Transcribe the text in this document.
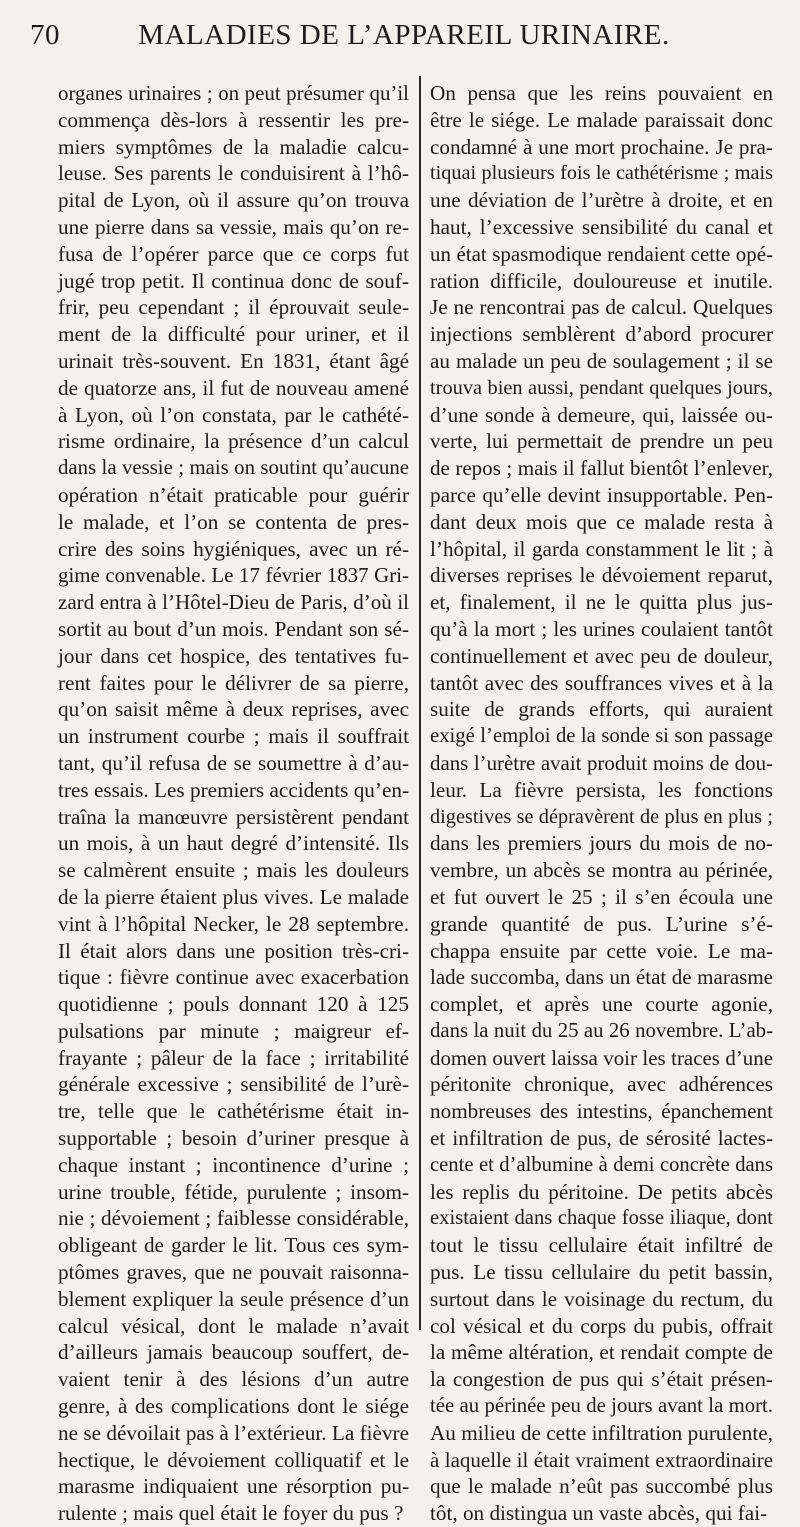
70	MALADIES DE L’APPAREIL URINAIRE.
organes urinaires ; on peut présumer qu’il
commença dès-lors à ressentir les pre-
miers symptômes de la maladie calcu-
leuse. Ses parents le conduisirent à l’hô-
pital de Lyon, où il assure qu’on trouva
une pierre dans sa vessie, mais qu’on re-
fusa de l’opérer parce que ce corps fut
jugé trop petit. Il continua donc de souf-
frir, peu cependant ; il éprouvait seule-
ment de la difficulté pour uriner, et il
urinait très-souvent. En 1831, étant âgé
de quatorze ans, il fut de nouveau amené
à Lyon, où l’on constata, par le cathété-
risme ordinaire, la présence d’un calcul
dans la vessie ; mais on soutint qu’aucune
opération n’était praticable pour guérir
le malade, et l’on se contenta de pres-
crire des soins hygiéniques, avec un ré-
gime convenable. Le 17 février 1837 Gri-
zard entra à l’Hôtel-Dieu de Paris, d’où il
sortit au bout d’un mois. Pendant son sé-
jour dans cet hospice, des tentatives fu-
rent faites pour le délivrer de sa pierre,
qu’on saisit même à deux reprises, avec
un instrument courbe ; mais il souffrait
tant, qu’il refusa de se soumettre à d’au-
tres essais. Les premiers accidents qu’en-
traîna la manœuvre persistèrent pendant
un mois, à un haut degré d’intensité. Ils
se calmèrent ensuite ; mais les douleurs
de la pierre étaient plus vives. Le malade
vint à l’hôpital Necker, le 28 septembre.
Il était alors dans une position très-cri-
tique : fièvre continue avec exacerbation
quotidienne ; pouls donnant 120 à 125
pulsations par minute ; maigreur ef-
frayante ; pâleur de la face ; irritabilité
générale excessive ; sensibilité de l’urè-
tre, telle que le cathétérisme était in-
supportable ; besoin d’uriner presque à
chaque instant ; incontinence d’urine ;
urine trouble, fétide, purulente ; insom-
nie ; dévoiement ; faiblesse considérable,
obligeant de garder le lit. Tous ces sym-
ptômes graves, que ne pouvait raisonna-
blement expliquer la seule présence d’un
calcul vésical, dont le malade n’avait
d’ailleurs jamais beaucoup souffert, de-
vaient tenir à des lésions d’un autre
genre, à des complications dont le siége
ne se dévoilait pas à l’extérieur. La fièvre
hectique, le dévoiement colliquatif et le
marasme indiquaient une résorption pu-
rulente ; mais quel était le foyer du pus ?
On pensa que les reins pouvaient en
être le siége. Le malade paraissait donc
condamné à une mort prochaine. Je pra-
tiquai plusieurs fois le cathétérisme ; mais
une déviation de l’urètre à droite, et en
haut, l’excessive sensibilité du canal et
un état spasmodique rendaient cette opé-
ration difficile, douloureuse et inutile.
Je ne rencontrai pas de calcul. Quelques
injections semblèrent d’abord procurer
au malade un peu de soulagement ; il se
trouva bien aussi, pendant quelques jours,
d’une sonde à demeure, qui, laissée ou-
verte, lui permettait de prendre un peu
de repos ; mais il fallut bientôt l’enlever,
parce qu’elle devint insupportable. Pen-
dant deux mois que ce malade resta à
l’hôpital, il garda constamment le lit ; à
diverses reprises le dévoiement reparut,
et, finalement, il ne le quitta plus jus-
qu’à la mort ; les urines coulaient tantôt
continuellement et avec peu de douleur,
tantôt avec des souffrances vives et à la
suite de grands efforts, qui auraient
exigé l’emploi de la sonde si son passage
dans l’urètre avait produit moins de dou-
leur. La fièvre persista, les fonctions
digestives se dépravèrent de plus en plus ;
dans les premiers jours du mois de no-
vembre, un abcès se montra au périnée,
et fut ouvert le 25 ; il s’en écoula une
grande quantité de pus. L’urine s’é-
chappa ensuite par cette voie. Le ma-
lade succomba, dans un état de marasme
complet, et après une courte agonie,
dans la nuit du 25 au 26 novembre. L’ab-
domen ouvert laissa voir les traces d’une
péritonite chronique, avec adhérences
nombreuses des intestins, épanchement
et infiltration de pus, de sérosité lactes-
cente et d’albumine à demi concrète dans
les replis du péritoine. De petits abcès
existaient dans chaque fosse iliaque, dont
tout le tissu cellulaire était infiltré de
pus. Le tissu cellulaire du petit bassin,
surtout dans le voisinage du rectum, du
col vésical et du corps du pubis, offrait
la même altération, et rendait compte de
la congestion de pus qui s’était présen-
tée au périnée peu de jours avant la mort.
Au milieu de cette infiltration purulente,
à laquelle il était vraiment extraordinaire
que le malade n’eût pas succombé plus
tôt, on distingua un vaste abcès, qui fai-
